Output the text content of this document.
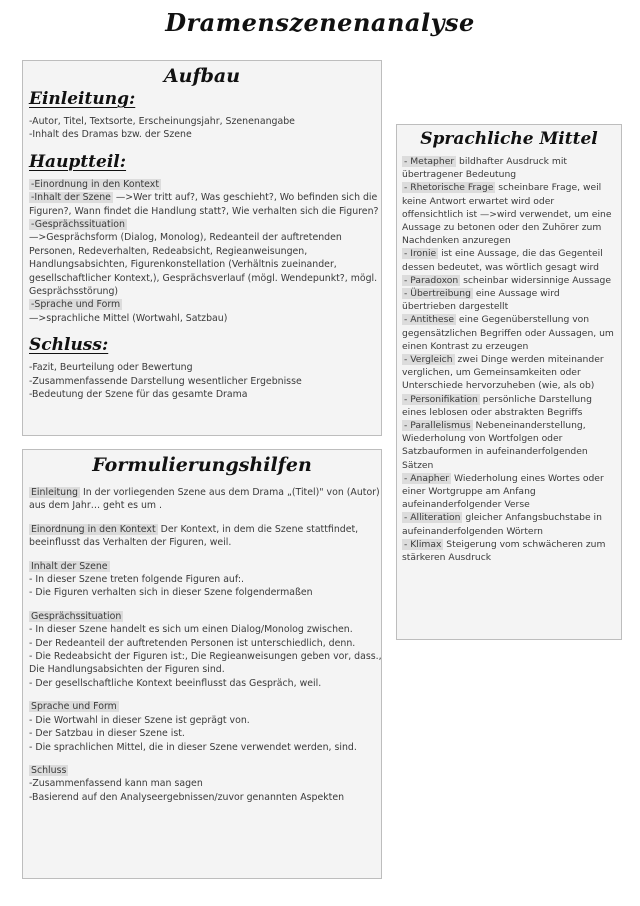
Dramenszenenanalyse
Aufbau
Einleitung:
-Autor, Titel, Textsorte, Erscheinungsjahr, Szenenangabe
-Inhalt des Dramas bzw. der Szene
Hauptteil:
-Einordnung in den Kontext
-Inhalt der Szene —>Wer tritt auf?, Was geschieht?, Wo befinden sich die
Figuren?, Wann findet die Handlung statt?, Wie verhalten sich die Figuren?
-Gesprächssituation
—>Gesprächsform (Dialog, Monolog), Redeanteil der auftretenden
Personen, Redeverhalten, Redeabsicht, Regieanweisungen,
Handlungsabsichten, Figurenkonstellation (Verhältnis zueinander,
gesellschaftlicher Kontext,), Gesprächsverlauf (mögl. Wendepunkt?, mögl.
Gesprächsstörung)
-Sprache und Form
—>sprachliche Mittel (Wortwahl, Satzbau)
Schluss:
-Fazit, Beurteilung oder Bewertung
-Zusammenfassende Darstellung wesentlicher Ergebnisse
-Bedeutung der Szene für das gesamte Drama
Formulierungshilfen
Einleitung In der vorliegenden Szene aus dem Drama „(Titel)" von (Autor)
aus dem Jahr… geht es um .
Einordnung in den Kontext Der Kontext, in dem die Szene stattfindet,
beeinflusst das Verhalten der Figuren, weil.
Inhalt der Szene
- In dieser Szene treten folgende Figuren auf:.
- Die Figuren verhalten sich in dieser Szene folgendermaßen
Gesprächssituation
- In dieser Szene handelt es sich um einen Dialog/Monolog zwischen.
- Der Redeanteil der auftretenden Personen ist unterschiedlich, denn.
- Die Redeabsicht der Figuren ist:, Die Regieanweisungen geben vor, dass.,
Die Handlungsabsichten der Figuren sind.
- Der gesellschaftliche Kontext beeinflusst das Gespräch, weil.
Sprache und Form
- Die Wortwahl in dieser Szene ist geprägt von.
- Der Satzbau in dieser Szene ist.
- Die sprachlichen Mittel, die in dieser Szene verwendet werden, sind.
Schluss
-Zusammenfassend kann man sagen
-Basierend auf den Analyseergebnissen/zuvor genannten Aspekten
Sprachliche Mittel
- Metapher bildhafter Ausdruck mit übertragener Bedeutung
- Rhetorische Frage scheinbare Frage, weil keine Antwort erwartet wird oder offensichtlich ist —>wird verwendet, um eine Aussage zu betonen oder den Zuhörer zum Nachdenken anzuregen
- Ironie ist eine Aussage, die das Gegenteil dessen bedeutet, was wörtlich gesagt wird
- Paradoxon scheinbar widersinnige Aussage
- Übertreibung eine Aussage wird übertrieben dargestellt
- Antithese eine Gegenüberstellung von gegensätzlichen Begriffen oder Aussagen, um einen Kontrast zu erzeugen
- Vergleich zwei Dinge werden miteinander verglichen, um Gemeinsamkeiten oder Unterschiede hervorzuheben (wie, als ob)
- Personifikation persönliche Darstellung eines leblosen oder abstrakten Begriffs
- Parallelismus Nebeneinanderstellung, Wiederholung von Wortfolgen oder Satzbauformen in aufeinanderfolgenden Sätzen
- Anapher Wiederholung eines Wortes oder einer Wortgruppe am Anfang aufeinanderfolgender Verse
- Alliteration gleicher Anfangsbuchstabe in aufeinanderfolgenden Wörtern
- Klimax Steigerung vom schwächeren zum stärkeren Ausdruck
